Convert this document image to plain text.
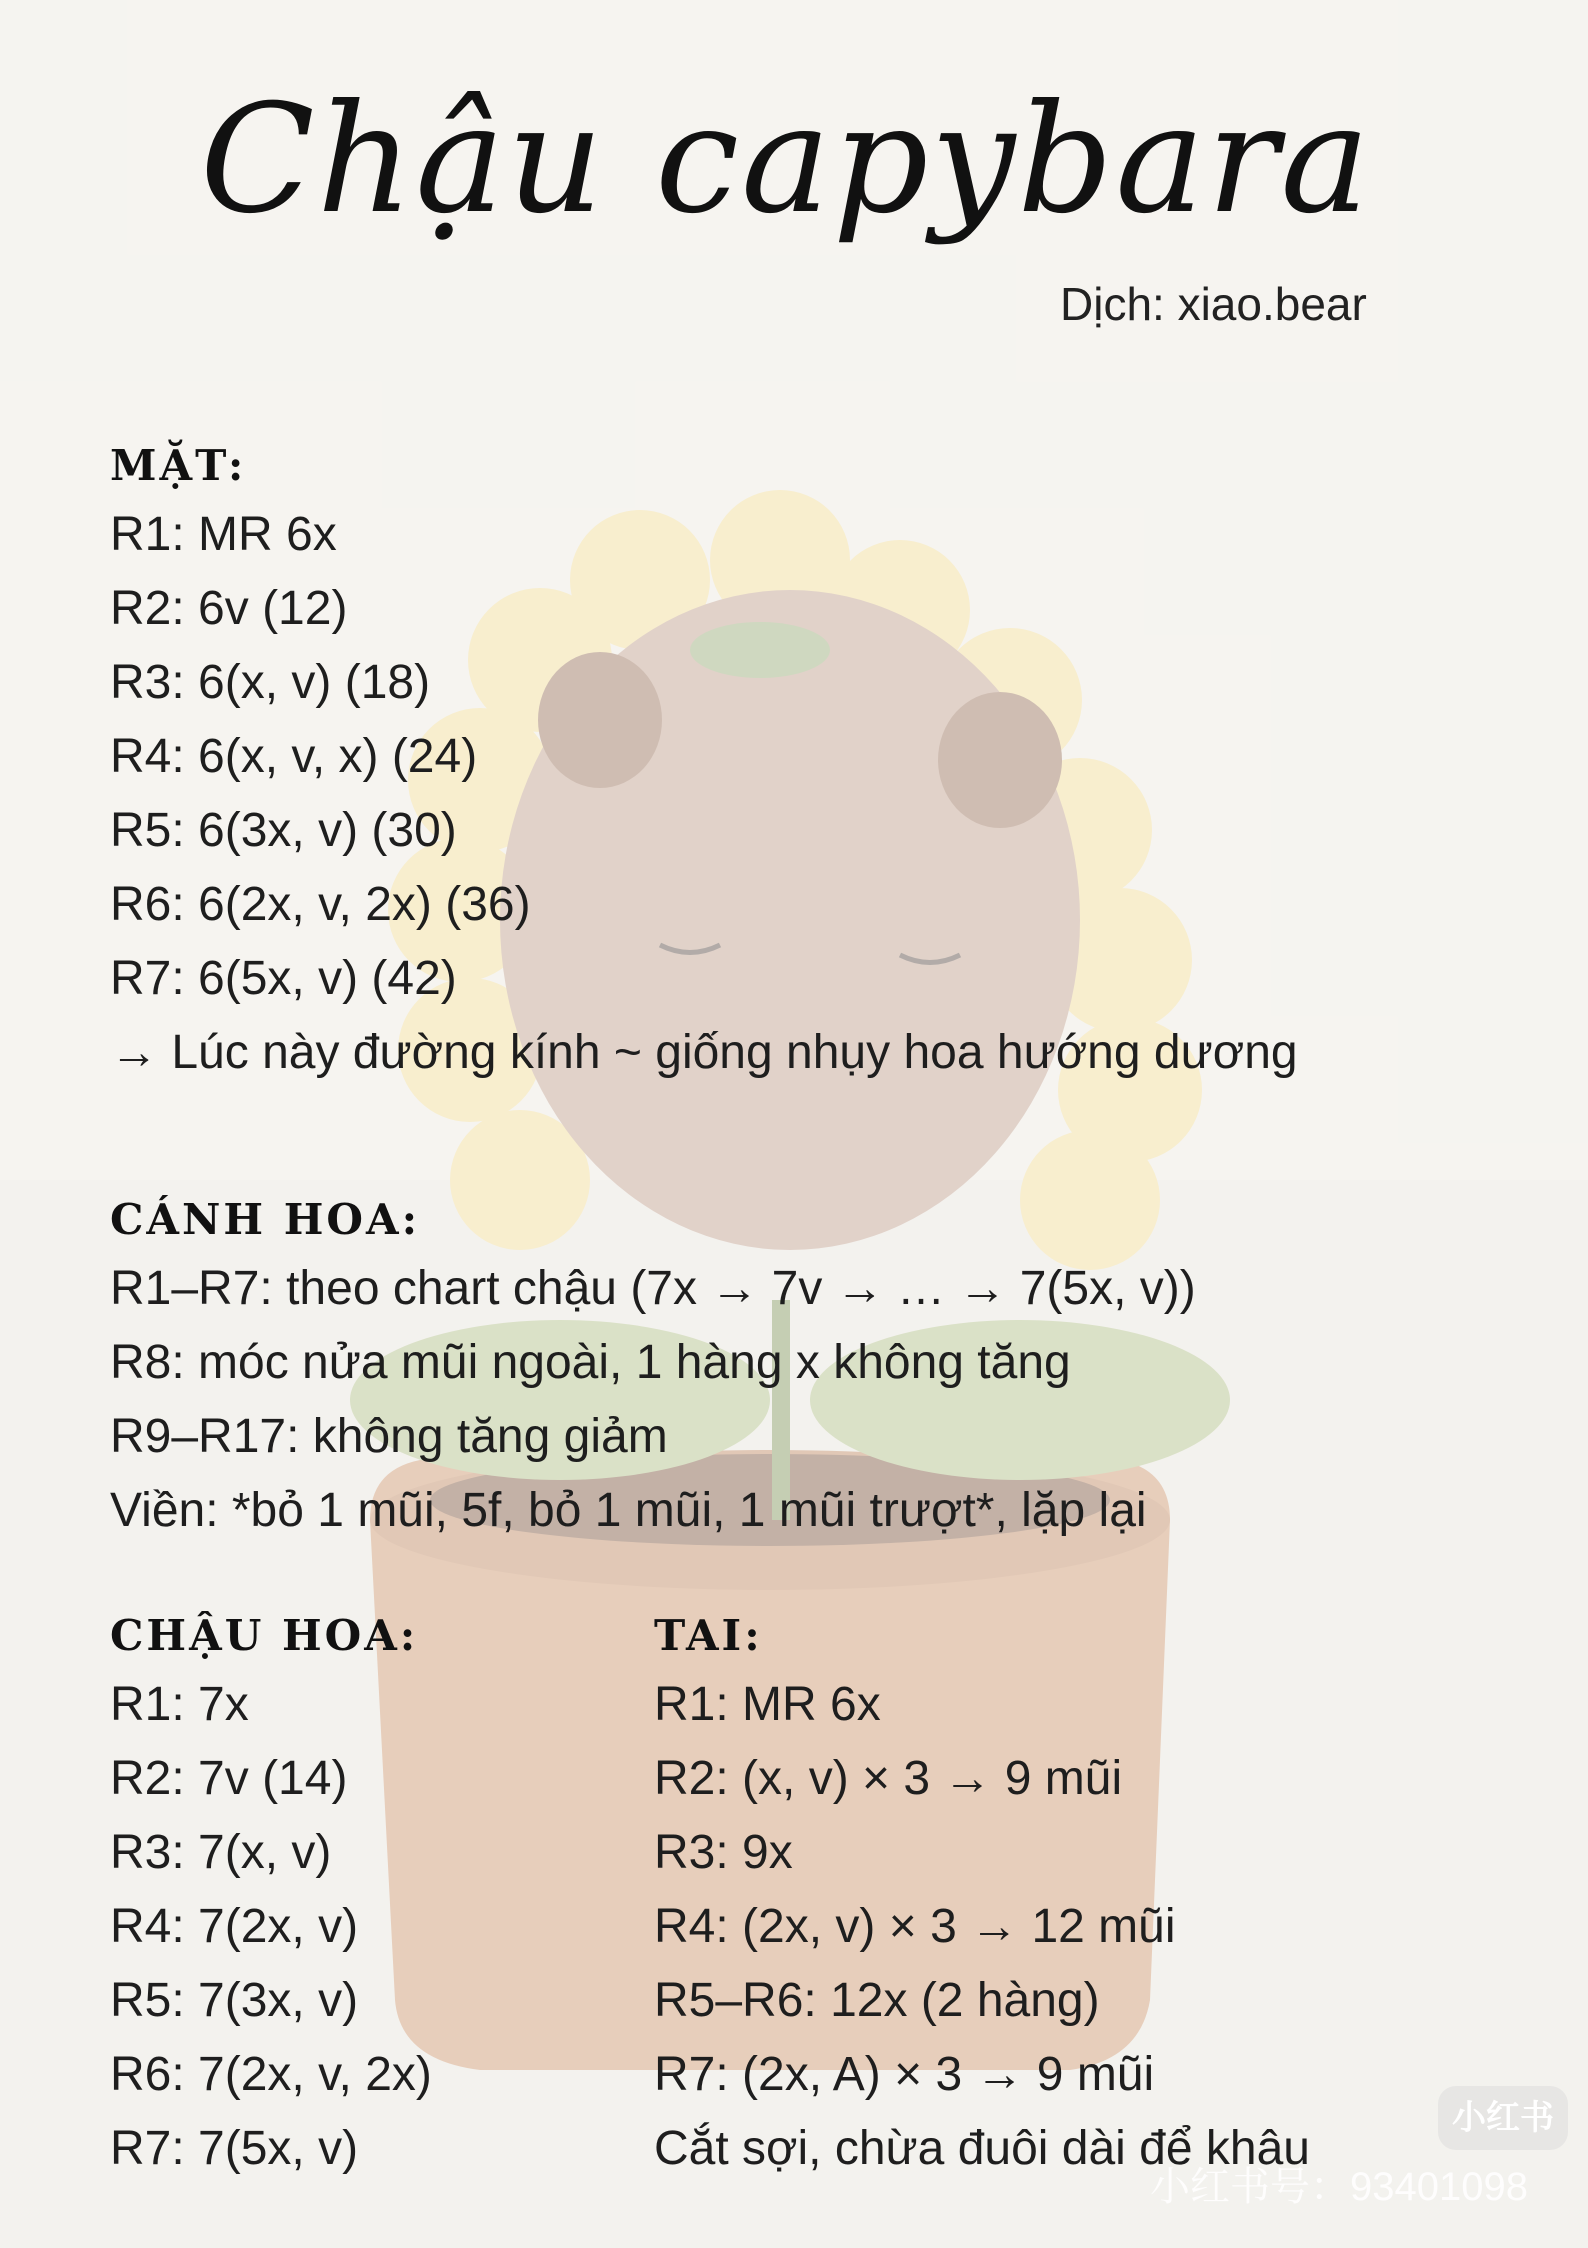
Chậu capybara
Dịch: xiao.bear
MẶT:
R1: MR 6x
R2: 6v (12)
R3: 6(x, v) (18)
R4: 6(x, v, x) (24)
R5: 6(3x, v) (30)
R6: 6(2x, v, 2x) (36)
R7: 6(5x, v) (42)
→ Lúc này đường kính ~ giống nhụy hoa hướng dương
CÁNH HOA:
R1–R7: theo chart chậu (7x → 7v → … → 7(5x, v))
R8: móc nửa mũi ngoài, 1 hàng x không tăng
R9–R17: không tăng giảm
Viền: *bỏ 1 mũi, 5f, bỏ 1 mũi, 1 mũi trượt*, lặp lại
CHẬU HOA:
R1: 7x
R2: 7v (14)
R3: 7(x, v)
R4: 7(2x, v)
R5: 7(3x, v)
R6: 7(2x, v, 2x)
R7: 7(5x, v)
TAI:
R1: MR 6x
R2: (x, v) × 3 → 9 mũi
R3: 9x
R4: (2x, v) × 3 → 12 mũi
R5–R6: 12x (2 hàng)
R7: (2x, A) × 3 → 9 mũi
Cắt sợi, chừa đuôi dài để khâu
小红书
小红书号：93401098
